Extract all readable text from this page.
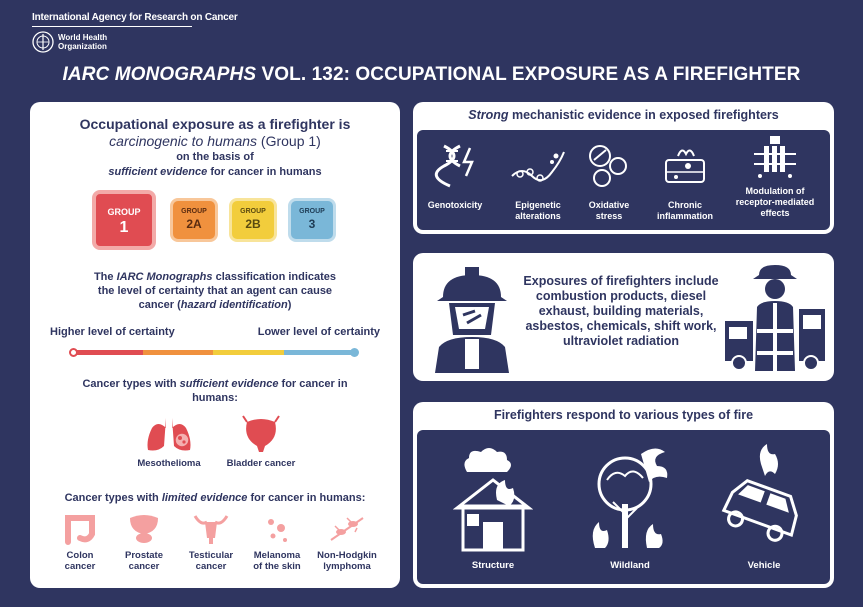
International Agency for Research on Cancer
World Health
Organization
IARC MONOGRAPHS VOL. 132: OCCUPATIONAL EXPOSURE AS A FIREFIGHTER
Occupational exposure as a firefighter is
carcinogenic to humans (Group 1)
on the basis of
sufficient evidence for cancer in humans
GROUP
1
GROUP
2A
GROUP
2B
GROUP
3
The IARC Monographs classification indicates the level of certainty that an agent can cause cancer (hazard identification)
Higher level of certainty	Lower level of certainty
Cancer types with sufficient evidence for cancer in humans:
Mesothelioma	Bladder cancer
Cancer types with limited evidence for cancer in humans:
Colon
cancer
Prostate
cancer
Testicular
cancer
Melanoma
of the skin
Non-Hodgkin
lymphoma
Strong mechanistic evidence in exposed firefighters
Genotoxicity	Epigenetic
alterations
Oxidative
stress
Chronic
inflammation
Modulation of
receptor-mediated
effects
Exposures of firefighters include combustion products, diesel exhaust, building materials, asbestos, chemicals, shift work, ultraviolet radiation
Firefighters respond to various types of fire
Structure	Wildland	Vehicle
